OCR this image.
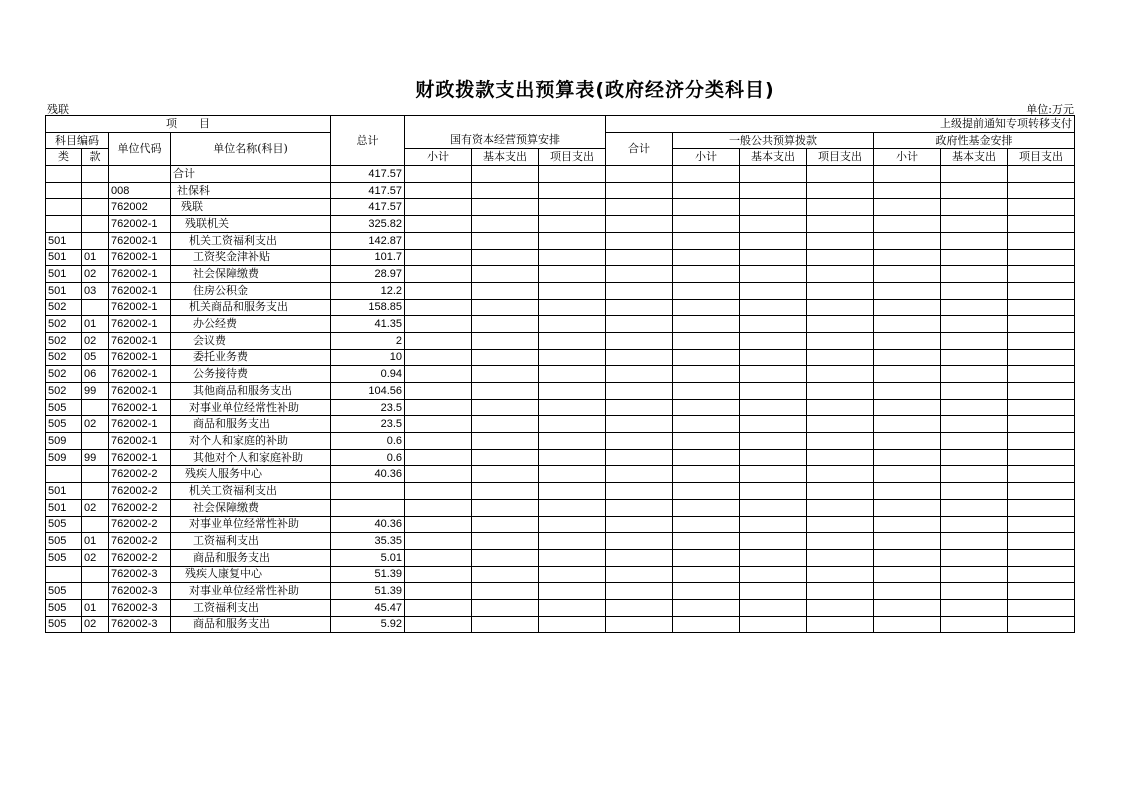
财政拨款支出预算表(政府经济分类科目)
残联	单位:万元
项　　目				总计				上级提前通知专项转移支付						
科目编码		单位代码	单位名称(科目)		国有资本经营预算安排			合计	一般公共预算拨款			政府性基金安排		
类	款				小计	基本支出	项目支出		小计	基本支出	项目支出	小计	基本支出	项目支出
			合计	417.57										
		008	社保科	417.57										
		762002	残联	417.57										
		762002-1	残联机关	325.82										
501		762002-1	机关工资福利支出	142.87										
501	01	762002-1	工资奖金津补贴	101.7										
501	02	762002-1	社会保障缴费	28.97										
501	03	762002-1	住房公积金	12.2										
502		762002-1	机关商品和服务支出	158.85										
502	01	762002-1	办公经费	41.35										
502	02	762002-1	会议费	2										
502	05	762002-1	委托业务费	10										
502	06	762002-1	公务接待费	0.94										
502	99	762002-1	其他商品和服务支出	104.56										
505		762002-1	对事业单位经常性补助	23.5										
505	02	762002-1	商品和服务支出	23.5										
509		762002-1	对个人和家庭的补助	0.6										
509	99	762002-1	其他对个人和家庭补助	0.6										
		762002-2	残疾人服务中心	40.36										
501		762002-2	机关工资福利支出											
501	02	762002-2	社会保障缴费											
505		762002-2	对事业单位经常性补助	40.36										
505	01	762002-2	工资福利支出	35.35										
505	02	762002-2	商品和服务支出	5.01										
		762002-3	残疾人康复中心	51.39										
505		762002-3	对事业单位经常性补助	51.39										
505	01	762002-3	工资福利支出	45.47										
505	02	762002-3	商品和服务支出	5.92										
